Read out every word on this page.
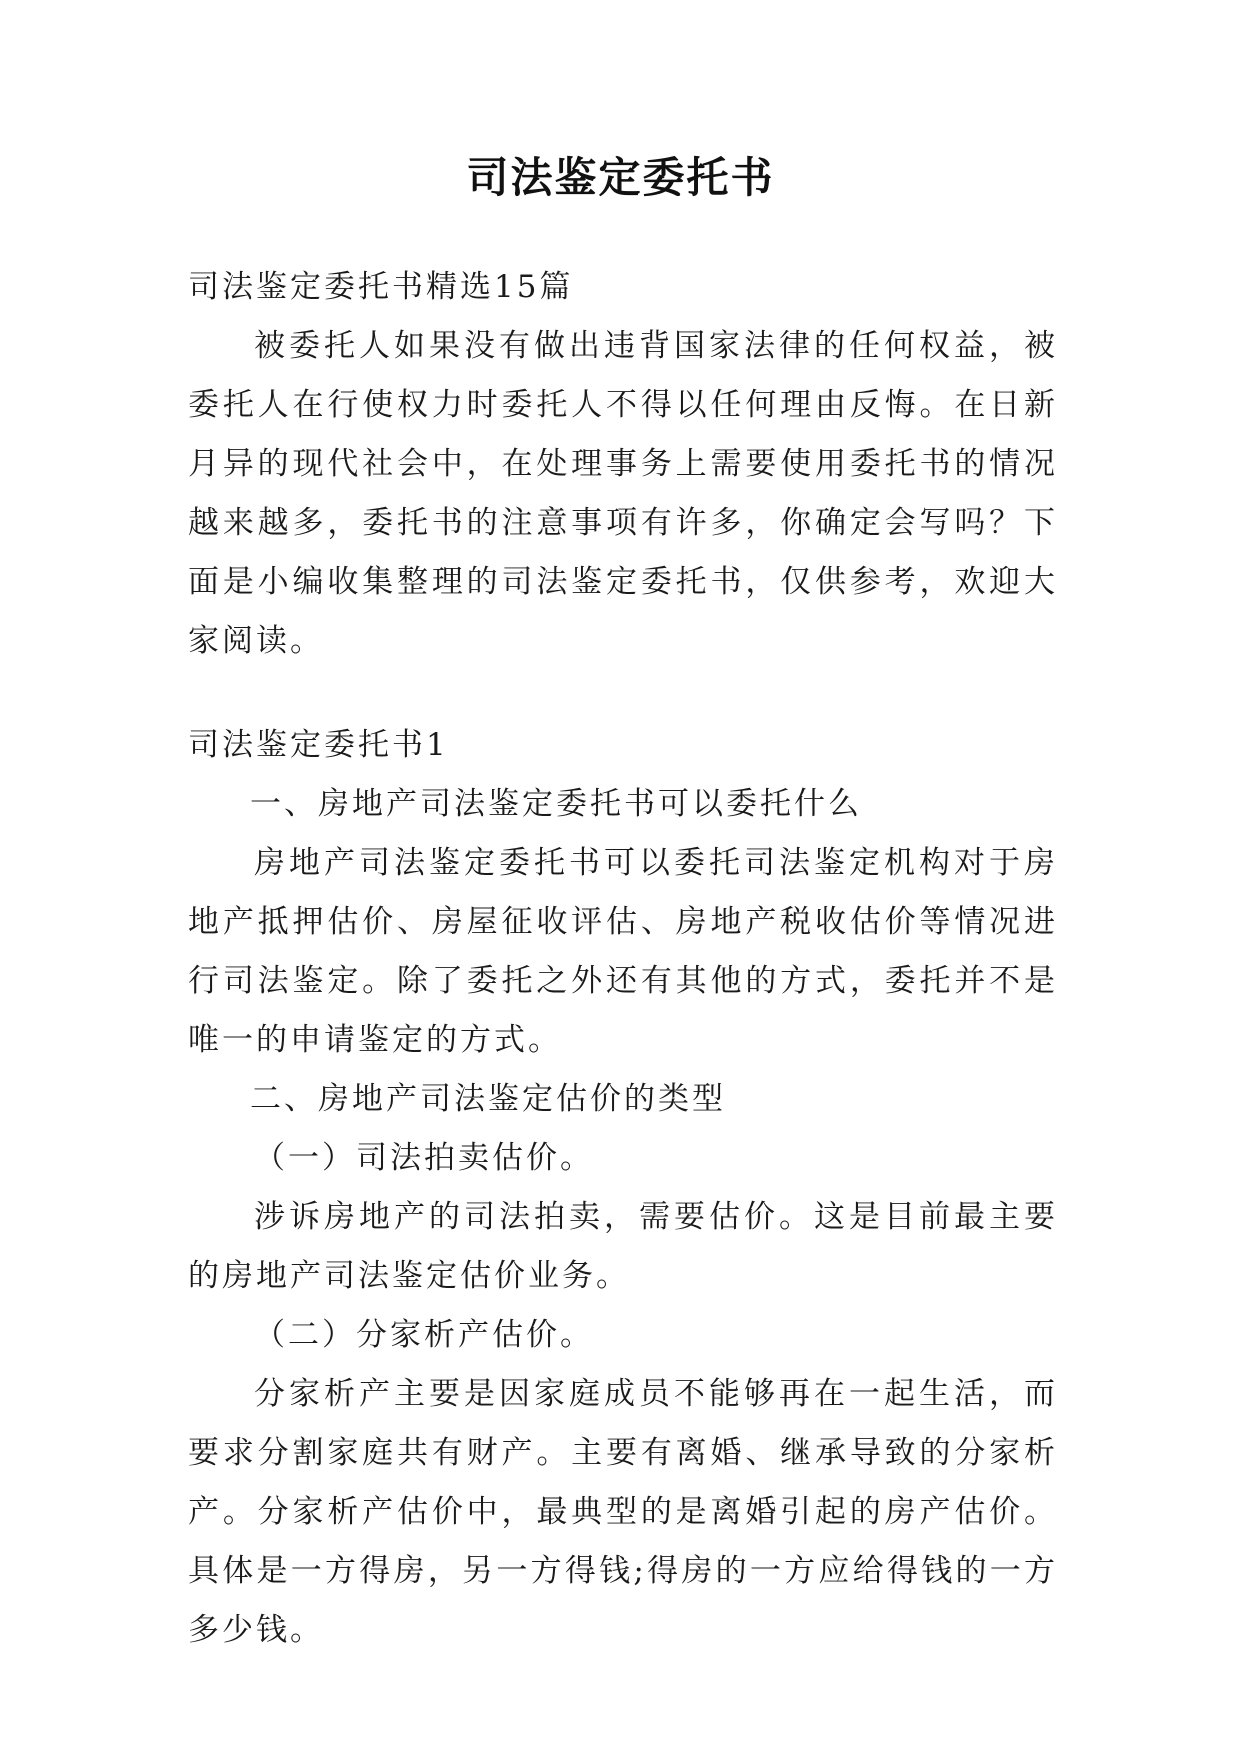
司法鉴定委托书

司法鉴定委托书精选15篇

被委托人如果没有做出违背国家法律的任何权益，被委托人在行使权力时委托人不得以任何理由反悔。在日新月异的现代社会中，在处理事务上需要使用委托书的情况越来越多，委托书的注意事项有许多，你确定会写吗？下面是小编收集整理的司法鉴定委托书，仅供参考，欢迎大家阅读。

司法鉴定委托书1

一、房地产司法鉴定委托书可以委托什么

房地产司法鉴定委托书可以委托司法鉴定机构对于房地产抵押估价、房屋征收评估、房地产税收估价等情况进行司法鉴定。除了委托之外还有其他的方式，委托并不是唯一的申请鉴定的方式。

二、房地产司法鉴定估价的类型

（一）司法拍卖估价。

涉诉房地产的司法拍卖，需要估价。这是目前最主要的房地产司法鉴定估价业务。

（二）分家析产估价。

分家析产主要是因家庭成员不能够再在一起生活，而要求分割家庭共有财产。主要有离婚、继承导致的分家析产。分家析产估价中，最典型的是离婚引起的房产估价。具体是一方得房，另一方得钱;得房的一方应给得钱的一方多少钱。
